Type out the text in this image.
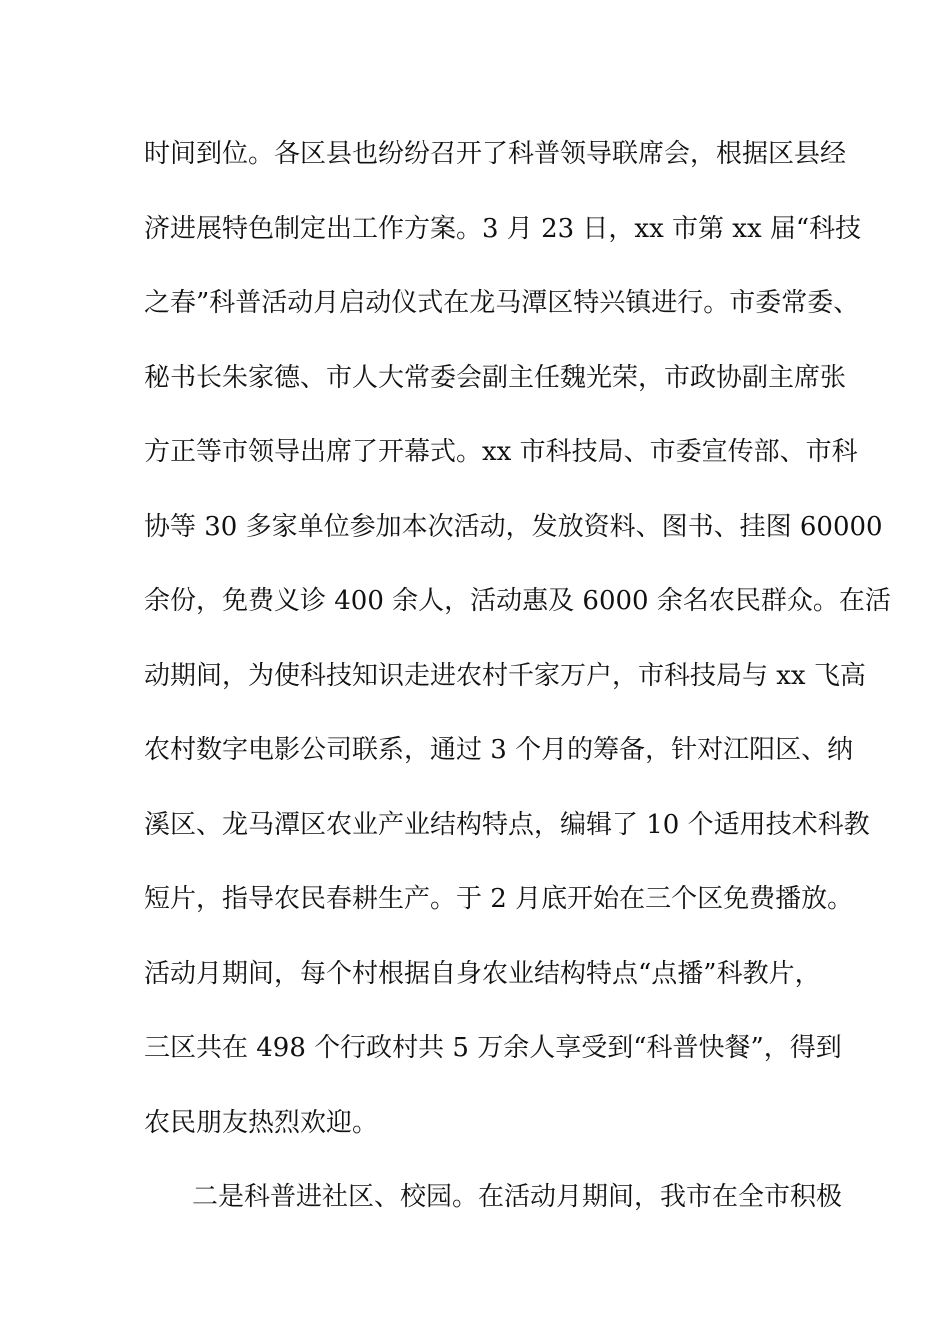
时间到位。各区县也纷纷召开了科普领导联席会，根据区县经
济进展特色制定出工作方案。3 月 23 日，xx 市第 xx 届“科技
之春”科普活动月启动仪式在龙马潭区特兴镇进行。市委常委、
秘书长朱家德、市人大常委会副主任魏光荣，市政协副主席张
方正等市领导出席了开幕式。xx 市科技局、市委宣传部、市科
协等 30 多家单位参加本次活动，发放资料、图书、挂图 60000
余份，免费义诊 400 余人，活动惠及 6000 余名农民群众。在活
动期间，为使科技知识走进农村千家万户，市科技局与 xx 飞高
农村数字电影公司联系，通过 3 个月的筹备，针对江阳区、纳
溪区、龙马潭区农业产业结构特点，编辑了 10 个适用技术科教
短片，指导农民春耕生产。于 2 月底开始在三个区免费播放。
活动月期间，每个村根据自身农业结构特点“点播”科教片，
三区共在 498 个行政村共 5 万余人享受到“科普快餐”，得到
农民朋友热烈欢迎。
二是科普进社区、校园。在活动月期间，我市在全市积极
